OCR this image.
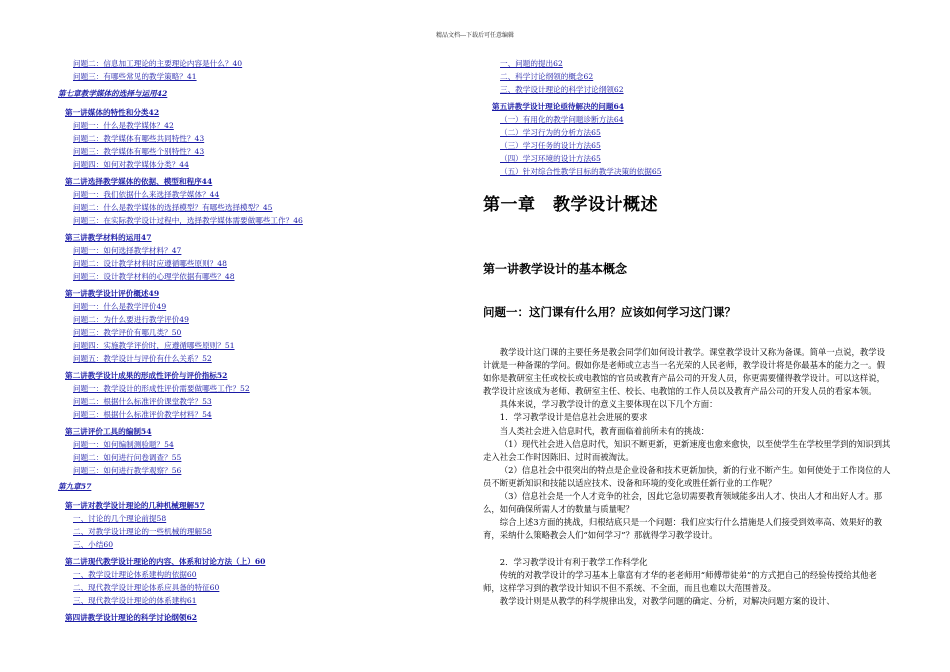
精品文档---下载后可任意编辑
问题二：信息加工理论的主要理论内容是什么？40
问题三：有哪些常见的教学策略？41
第七章教学媒体的选择与运用42
第一讲媒体的特性和分类42
问题一：什么是教学媒体？42
问题二：教学媒体有哪些共同特性？43
问题三：教学媒体有哪些个别特性？43
问题四：如何对教学媒体分类？44
第二讲选择教学媒体的依据、模型和程序44
问题一：我们依据什么来选择教学媒体？44
问题二：什么是教学媒体的选择模型？有哪些选择模型？45
问题三：在实际教学设计过程中，选择教学媒体需要做哪些工作？46
第三讲教学材料的运用47
问题一：如何选择教学材料？47
问题二：设计教学材料时应遵循哪些原则？48
问题三：设计教学材料的心理学依据有哪些？48
第一讲教学设计评价概述49
问题一：什么是教学评价49
问题二：为什么要进行教学评价49
问题三：教学评价有哪几类？50
问题四：实施教学评价时，应遵循哪些原则？51
问题五：教学设计与评价有什么关系？52
第二讲教学设计成果的形成性评价与评价指标52
问题一：教学设计的形成性评价需要做哪些工作？52
问题二：根据什么标准评价课堂教学？53
问题三：根据什么标准评价教学材料？54
第三讲评价工具的编制54
问题一：如何编制测验题？54
问题二：如何进行问卷调查？55
问题三：如何进行教学观察？56
第九章57
第一讲对教学设计理论的几种机械理解57
一、讨论的几个理论前提58
二、对教学设计理论的一些机械的理解58
三、小结60
第二讲现代教学设计理论的内容、体系和讨论方法（上）60
一、教学设计理论体系建构的依据60
二、现代教学设计理论体系应具备的特征60
三、现代教学设计理论的体系建构61
第四讲教学设计理论的科学讨论纲领62
一、问题的提出62
二、科学讨论纲领的概念62
三、教学设计理论的科学讨论纲领62
第五讲教学设计理论亟待解决的问题64
（一）有用化的教学问题诊断方法64
（二）学习行为的分析方法65
（三）学习任务的设计方法65
（四）学习环境的设计方法65
（五）针对综合性教学目标的教学决策的依据65
第一章　教学设计概述
第一讲教学设计的基本概念
问题一：这门课有什么用？应该如何学习这门课？

教学设计这门课的主要任务是教会同学们如何设计教学。课堂教学设计又称为备课。简单一点说，教学设计就是一种备课的学问。假如你是老师或立志当一名光荣的人民老师，教学设计将是你最基本的能力之一。假如你是教研室主任或校长或电教馆的官员或教育产品公司的开发人员，你更需要懂得教学设计。可以这样说，教学设计应该成为老师、教研室主任、校长、电教馆的工作人员以及教育产品公司的开发人员的看家本领。

具体来说，学习教学设计的意义主要体现在以下几个方面：

1．学习教学设计是信息社会进展的要求

当人类社会进入信息时代，教育面临着前所未有的挑战：

（1）现代社会进入信息时代，知识不断更新，更新速度也愈来愈快，以至使学生在学校里学到的知识到其走入社会工作时因陈旧、过时而被淘汰。

（2）信息社会中很突出的特点是企业设备和技术更新加快，新的行业不断产生。如何使处于工作岗位的人员不断更新知识和技能以适应技术、设备和环境的变化或胜任新行业的工作呢？

（3）信息社会是一个人才竞争的社会，因此它急切需要教育领域能多出人才、快出人才和出好人才。那么，如何确保所需人才的数量与质量呢？

综合上述3方面的挑战，归根结底只是一个问题：我们应实行什么措施是人们接受到效率高、效果好的教育，采纳什么策略教会人们“如何学习”？那就得学习教学设计。

2．学习教学设计有利于教学工作科学化

传统的对教学设计的学习基本上靠富有才华的老老师用“师傅带徒弟”的方式把自己的经验传授给其他老师，这样学习到的教学设计知识不但不系统、不全面，而且也难以大范围普及。

教学设计则是从教学的科学规律出发，对教学问题的确定、分析，对解决问题方案的设计、
